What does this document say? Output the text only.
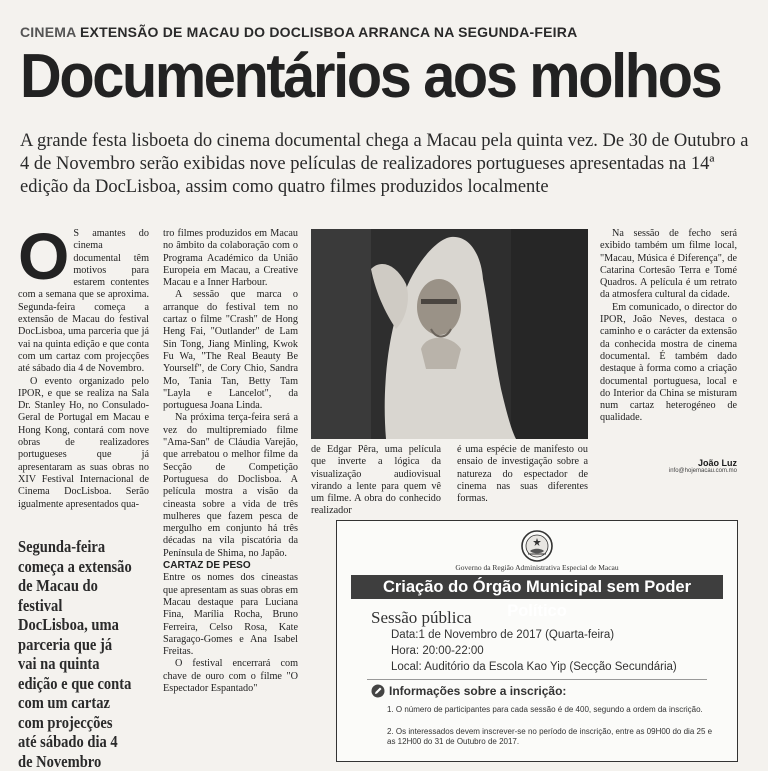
CINEMA EXTENSÃO DE MACAU DO DOCLISBOA ARRANCA NA SEGUNDA-FEIRA
Documentários aos molhos
A grande festa lisboeta do cinema documental chega a Macau pela quinta vez. De 30 de Outubro a 4 de Novembro serão exibidas nove películas de realizadores portugueses apresentadas na 14ª edição da DocLisboa, assim como quatro filmes produzidos localmente

O S amantes do cinema documental têm motivos para estarem contentes com a semana que se aproxima. Segunda-feira começa a extensão de Macau do festival DocLisboa, uma parceria que já vai na quinta edição e que conta com um cartaz com projecções até sábado dia 4 de Novembro.

O evento organizado pelo IPOR, e que se realiza na Sala Dr. Stanley Ho, no Consulado-Geral de Portugal em Macau e Hong Kong, contará com nove obras de realizadores portugueses que já apresentaram as suas obras no XIV Festival Internacional de Cinema DocLisboa. Serão igualmente apresentados qua-

Segunda-feira começa a extensão de Macau do festival DocLisboa, uma parceria que já vai na quinta edição e que conta com um cartaz com projecções até sábado dia 4 de Novembro

tro filmes produzidos em Macau no âmbito da colaboração com o Programa Académico da União Europeia em Macau, a Creative Macau e a Inner Harbour.

A sessão que marca o arranque do festival tem no cartaz o filme "Crash" de Hong Heng Fai, "Outlander" de Lam Sin Tong, Jiang Minling, Kwok Fu Wa, "The Real Beauty Be Yourself", de Cory Chio, Sandra Mo, Tania Tan, Betty Tam "Layla e Lancelot", da portuguesa Joana Linda.

Na próxima terça-feira será a vez do multipremiado filme "Ama-San" de Cláudia Varejão, que arrebatou o melhor filme da Secção de Competição Portuguesa do Doclisboa. A película mostra a visão da cineasta sobre a vida de três mulheres que fazem pesca de mergulho em conjunto há três décadas na vila piscatória da Península de Shima, no Japão.

CARTAZ DE PESO

Entre os nomes dos cineastas que apresentam as suas obras em Macau destaque para Luciana Fina, Marília Rocha, Bruno Ferreira, Celso Rosa, Kate Saragaço-Gomes e Ana Isabel Freitas.

O festival encerrará com chave de ouro com o filme "O Espectador Espantado"

de Edgar Pêra, uma película que inverte a lógica da visualização audiovisual virando a lente para quem vê um filme. A obra do conhecido realizador

é uma espécie de manifesto ou ensaio de investigação sobre a natureza do espectador de cinema nas suas diferentes formas.

Na sessão de fecho será exibido também um filme local, "Macau, Música é Diferença", de Catarina Cortesão Terra e Tomé Quadros. A película é um retrato da atmosfera cultural da cidade.

Em comunicado, o director do IPOR, João Neves, destaca o caminho e o carácter da extensão da conhecida mostra de cinema documental. É também dado destaque à forma como a criação documental portuguesa, local e do Interior da China se misturam num cartaz heterogéneo de qualidade.

João Luz
info@hojemacau.com.mo
Governo da Região Administrativa Especial de Macau
Criação do Órgão Municipal sem Poder Político
Sessão pública
Data:1 de Novembro de 2017 (Quarta-feira)
Hora: 20:00-22:00
Local: Auditório da Escola Kao Yip (Secção Secundária)
Informações sobre a inscrição:
1. O número de participantes para cada sessão é de 400, segundo a ordem da inscrição.
2. Os interessados devem inscrever-se no período de inscrição, entre as 09H00 do dia 25 e as 12H00 do 31 de Outubro de 2017.
